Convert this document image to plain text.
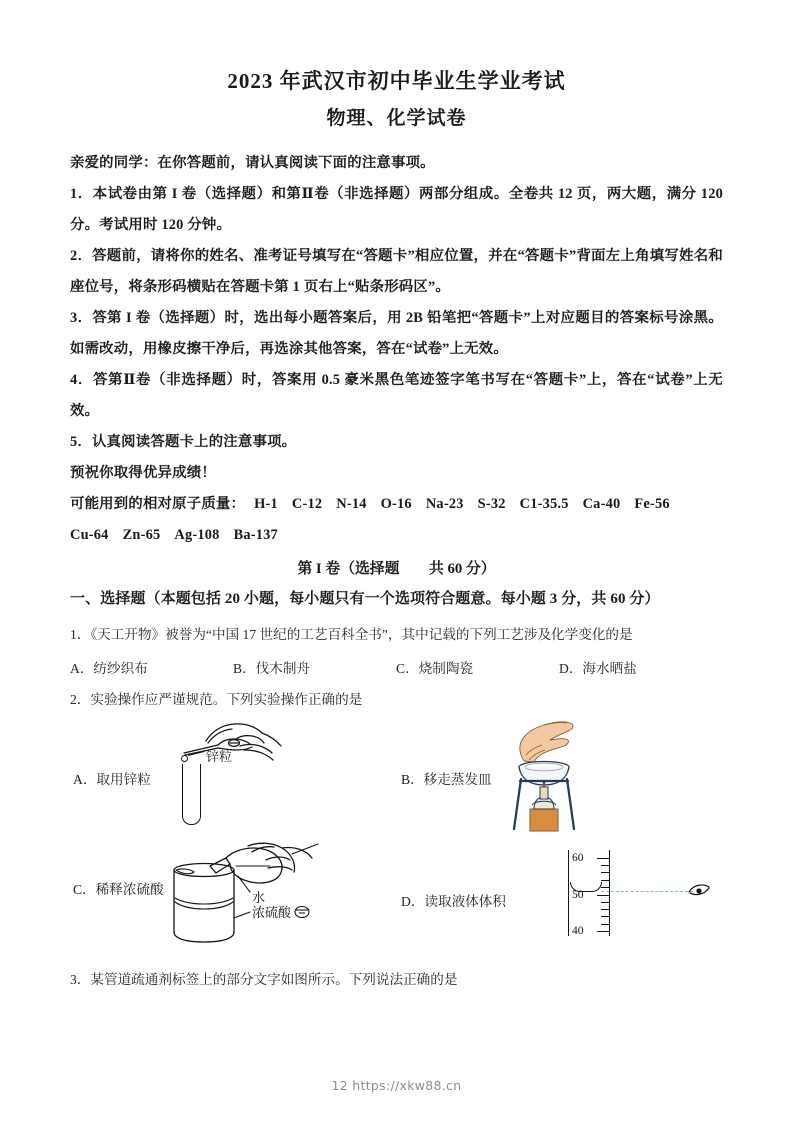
2023 年武汉市初中毕业生学业考试
物理、化学试卷

亲爱的同学：在你答题前，请认真阅读下面的注意事项。

1．本试卷由第 I 卷（选择题）和第Ⅱ卷（非选择题）两部分组成。全卷共 12 页，两大题，满分 120 分。考试用时 120 分钟。

2．答题前，请将你的姓名、准考证号填写在“答题卡”相应位置，并在“答题卡”背面左上角填写姓名和座位号，将条形码横贴在答题卡第 1 页右上“贴条形码区”。

3．答第 I 卷（选择题）时，选出每小题答案后，用 2B 铅笔把“答题卡”上对应题目的答案标号涂黑。如需改动，用橡皮擦干净后，再选涂其他答案，答在“试卷”上无效。

4．答第Ⅱ卷（非选择题）时，答案用 0.5 豪米黑色笔迹签字笔书写在“答题卡”上，答在“试卷”上无效。

5．认真阅读答题卡上的注意事项。

预祝你取得优异成绩！

可能用到的相对原子质量： H-1 C-12 N-14 O-16 Na-23 S-32 C1-35.5 Ca-40 Fe-56

Cu-64 Zn-65 Ag-108 Ba-137

第 I 卷（选择题　　共 60 分）
一、选择题（本题包括 20 小题，每小题只有一个选项符合题意。每小题 3 分，共 60 分）
1．《天工开物》被誉为“中国 17 世纪的工艺百科全书”，其中记载的下列工艺涉及化学变化的是
A．纺纱织布	B．伐木制舟	C．烧制陶瓷	D．海水晒盐
2．实验操作应严谨规范。下列实验操作正确的是
A．取用锌粒
锌粒
B．移走蒸发皿
C．稀释浓硫酸
水
浓硫酸
D．读取液体体积
60
50
40
3．某管道疏通剂标签上的部分文字如图所示。下列说法正确的是
12 https://xkw88.cn
